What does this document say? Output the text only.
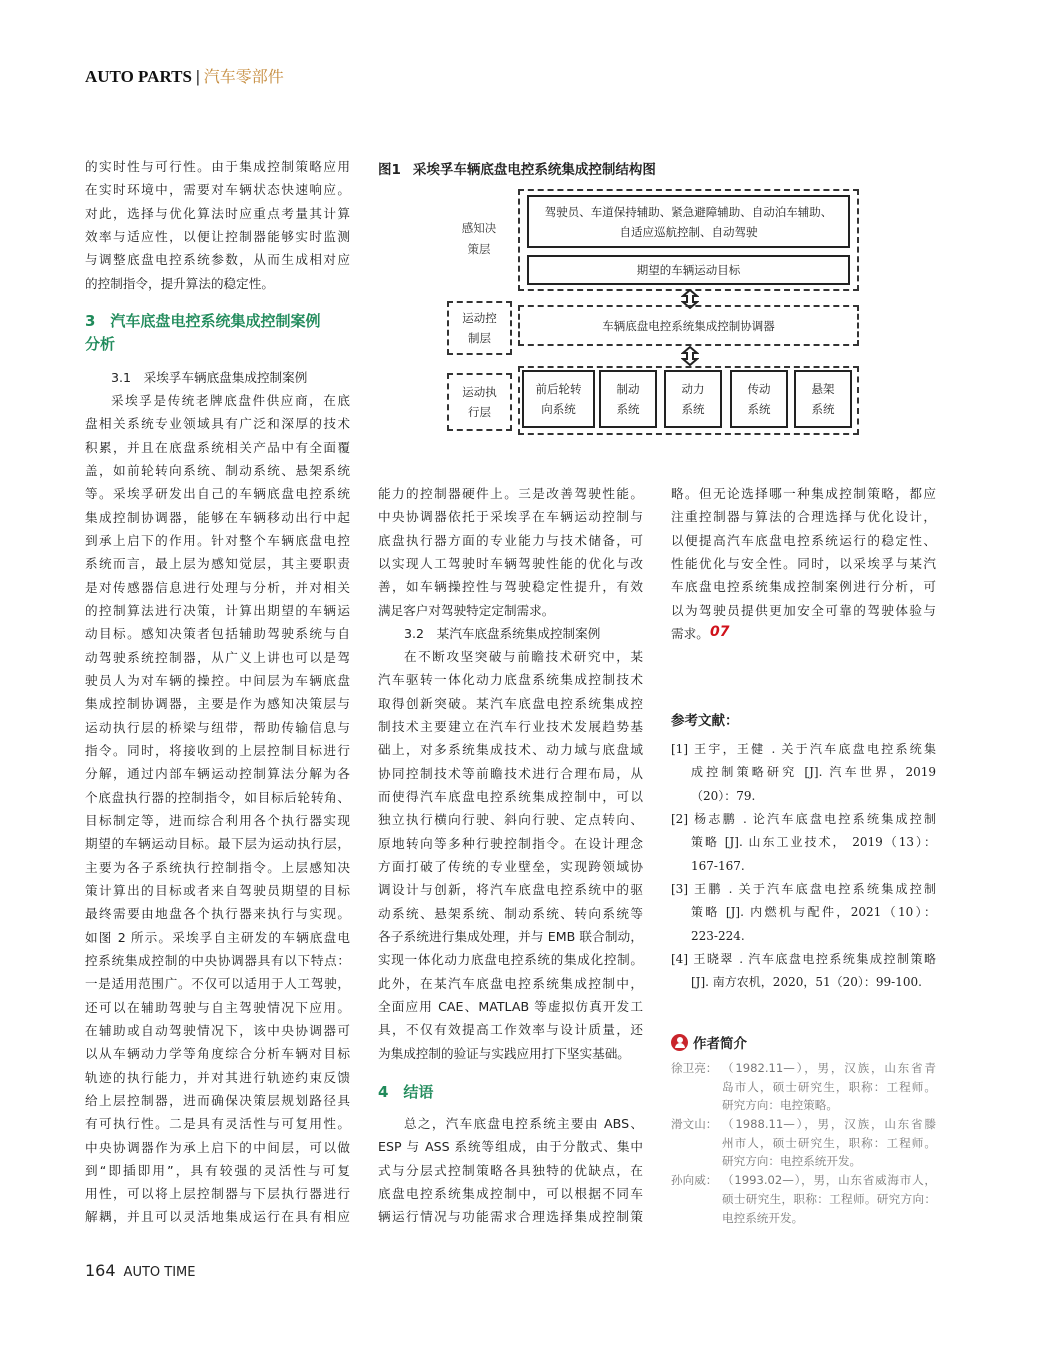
AUTO PARTS | 汽车零部件
的实时性与可行性。由于集成控制策略应用
在实时环境中，需要对车辆状态快速响应。
对此，选择与优化算法时应重点考量其计算
效率与适应性，以便让控制器能够实时监测
与调整底盘电控系统参数，从而生成相对应
的控制指令，提升算法的稳定性。
3　汽车底盘电控系统集成控制案例
分析
3.1　采埃孚车辆底盘集成控制案例
采埃孚是传统老牌底盘件供应商，在底
盘相关系统专业领域具有广泛和深厚的技术
积累，并且在底盘系统相关产品中有全面覆
盖，如前轮转向系统、制动系统、悬架系统
等。采埃孚研发出自己的车辆底盘电控系统
集成控制协调器，能够在车辆移动出行中起
到承上启下的作用。针对整个车辆底盘电控
系统而言，最上层为感知觉层，其主要职责
是对传感器信息进行处理与分析，并对相关
的控制算法进行决策，计算出期望的车辆运
动目标。感知决策者包括辅助驾驶系统与自
动驾驶系统控制器，从广义上讲也可以是驾
驶员人为对车辆的操控。中间层为车辆底盘
集成控制协调器，主要是作为感知决策层与
运动执行层的桥梁与纽带，帮助传输信息与
指令。同时，将接收到的上层控制目标进行
分解，通过内部车辆运动控制算法分解为各
个底盘执行器的控制指令，如目标后轮转角、
目标制定等，进而综合利用各个执行器实现
期望的车辆运动目标。最下层为运动执行层，
主要为各子系统执行控制指令。上层感知决
策计算出的目标或者来自驾驶员期望的目标
最终需要由地盘各个执行器来执行与实现。
如图 2 所示。采埃孚自主研发的车辆底盘电
控系统集成控制的中央协调器具有以下特点：
一是适用范围广。不仅可以适用于人工驾驶，
还可以在辅助驾驶与自主驾驶情况下应用。
在辅助或自动驾驶情况下，该中央协调器可
以从车辆动力学等角度综合分析车辆对目标
轨迹的执行能力，并对其进行轨迹约束反馈
给上层控制器，进而确保决策层规划路径具
有可执行性。二是具有灵活性与可复用性。
中央协调器作为承上启下的中间层，可以做
到“即插即用”，具有较强的灵活性与可复
用性，可以将上层控制器与下层执行器进行
解耦，并且可以灵活地集成运行在具有相应
图1 采埃孚车辆底盘电控系统集成控制结构图
感知决
策层
运动控
制层
运动执
行层
驾驶员、车道保持辅助、紧急避障辅助、自动泊车辅助、
自适应巡航控制、自动驾驶
期望的车辆运动目标
车辆底盘电控系统集成控制协调器
前后轮转
向系统
制动
系统
动力
系统
传动
系统
悬架
系统
能力的控制器硬件上。三是改善驾驶性能。
中央协调器依托于采埃孚在车辆运动控制与
底盘执行器方面的专业能力与技术储备，可
以实现人工驾驶时车辆驾驶性能的优化与改
善，如车辆操控性与驾驶稳定性提升，有效
满足客户对驾驶特定定制需求。
3.2　某汽车底盘系统集成控制案例
在不断攻坚突破与前瞻技术研究中，某
汽车驱转一体化动力底盘系统集成控制技术
取得创新突破。某汽车底盘电控系统集成控
制技术主要建立在汽车行业技术发展趋势基
础上，对多系统集成技术、动力域与底盘域
协同控制技术等前瞻技术进行合理布局，从
而使得汽车底盘电控系统集成控制中，可以
独立执行横向行驶、斜向行驶、定点转向、
原地转向等多种行驶控制指令。在设计理念
方面打破了传统的专业壁垒，实现跨领域协
调设计与创新，将汽车底盘电控系统中的驱
动系统、悬架系统、制动系统、转向系统等
各子系统进行集成处理，并与 EMB 联合制动，
实现一体化动力底盘电控系统的集成化控制。
此外，在某汽车底盘电控系统集成控制中，
全面应用 CAE、MATLAB 等虚拟仿真开发工
具，不仅有效提高工作效率与设计质量，还
为集成控制的验证与实践应用打下坚实基础。
4　结语
总之，汽车底盘电控系统主要由 ABS、
ESP 与 ASS 系统等组成，由于分散式、集中
式与分层式控制策略各具独特的优缺点，在
底盘电控系统集成控制中，可以根据不同车
辆运行情况与功能需求合理选择集成控制策
略。但无论选择哪一种集成控制策略，都应
注重控制器与算法的合理选择与优化设计，
以便提高汽车底盘电控系统运行的稳定性、
性能优化与安全性。同时，以采埃孚与某汽
车底盘电控系统集成控制案例进行分析，可
以为驾驶员提供更加安全可靠的驾驶体验与
需求。 07
参考文献：
[1] 王宇，王健 . 关于汽车底盘电控系统集
成控制策略研究 [J]. 汽车世界，2019
（20）：79.
[2] 杨志鹏 . 论汽车底盘电控系统集成控制
策略 [J]. 山东工业技术， 2019（13）：
167-167.
[3] 王鹏 . 关于汽车底盘电控系统集成控制
策略 [J]. 内燃机与配件，2021（10）：
223-224.
[4] 王晓翠 . 汽车底盘电控系统集成控制策略
[J]. 南方农机，2020，51（20）：99-100.
作者简介
徐卫亮： （1982.11—），男，汉族，山东省青
岛市人，硕士研究生，职称：工程师。
研究方向：电控策略。
滑文山： （1988.11—），男，汉族，山东省滕
州市人，硕士研究生，职称：工程师。
研究方向：电控系统开发。
孙向威： （1993.02—），男，山东省威海市人，
硕士研究生，职称：工程师。研究方向：
电控系统开发。
164 AUTO TIME
